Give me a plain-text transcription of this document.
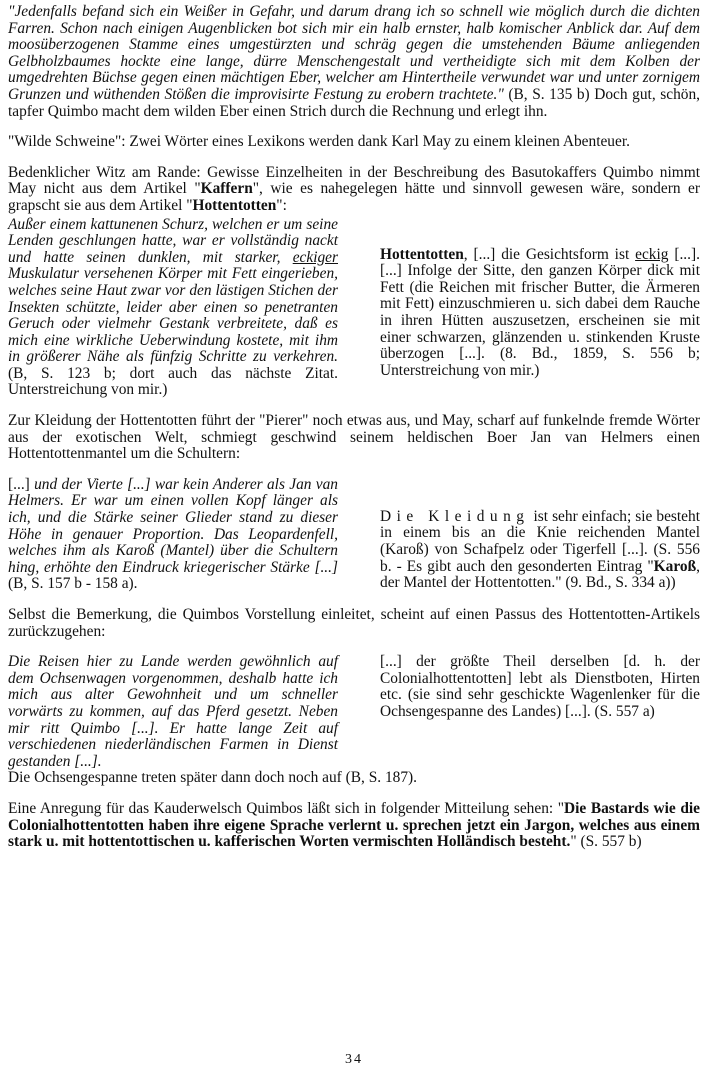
"Jedenfalls befand sich ein Weißer in Gefahr, und darum drang ich so schnell wie möglich durch die dichten Farren. Schon nach einigen Augenblicken bot sich mir ein halb ernster, halb komischer Anblick dar. Auf dem moosüberzogenen Stamme eines umgestürzten und schräg gegen die umstehenden Bäume anliegenden Gelbholzbaumes hockte eine lange, dürre Menschengestalt und vertheidigte sich mit dem Kolben der umgedrehten Büchse gegen einen mächtigen Eber, welcher am Hintertheile verwundet war und unter zornigem Grunzen und wüthenden Stößen die improvisirte Festung zu erobern trachtete." (B, S. 135 b) Doch gut, schön, tapfer Quimbo macht dem wilden Eber einen Strich durch die Rechnung und erlegt ihn.

"Wilde Schweine": Zwei Wörter eines Lexikons werden dank Karl May zu einem kleinen Abenteuer.

Bedenklicher Witz am Rande: Gewisse Einzelheiten in der Beschreibung des Basutokaffers Quimbo nimmt May nicht aus dem Artikel "Kaffern", wie es nahegelegen hätte und sinnvoll gewesen wäre, sondern er grapscht sie aus dem Artikel "Hottentotten":

Außer einem kattunenen Schurz, welchen er um seine Lenden geschlungen hatte, war er vollständig nackt und hatte seinen dunklen, mit starker, eckiger Muskulatur versehenen Körper mit Fett eingerieben, welches seine Haut zwar vor den lästigen Stichen der Insekten schützte, leider aber einen so penetranten Geruch oder vielmehr Gestank verbreitete, daß es mich eine wirkliche Ueberwindung kostete, mit ihm in größerer Nähe als fünfzig Schritte zu verkehren. (B, S. 123 b; dort auch das nächste Zitat. Unterstreichung von mir.)

Hottentotten, [...] die Gesichtsform ist eckig [...]. [...] Infolge der Sitte, den ganzen Körper dick mit Fett (die Reichen mit frischer Butter, die Ärmeren mit Fett) einzuschmieren u. sich dabei dem Rauche in ihren Hütten auszusetzen, erscheinen sie mit einer schwarzen, glänzenden u. stinkenden Kruste überzogen [...]. (8. Bd., 1859, S. 556 b; Unterstreichung von mir.)

Zur Kleidung der Hottentotten führt der "Pierer" noch etwas aus, und May, scharf auf funkelnde fremde Wörter aus der exotischen Welt, schmiegt geschwind seinem heldischen Boer Jan van Helmers einen Hottentottenmantel um die Schultern:

[...] und der Vierte [...] war kein Anderer als Jan van Helmers. Er war um einen vollen Kopf länger als ich, und die Stärke seiner Glieder stand zu dieser Höhe in genauer Proportion. Das Leopardenfell, welches ihm als Karoß (Mantel) über die Schultern hing, erhöhte den Eindruck kriegerischer Stärke [...] (B, S. 157 b - 158 a).

Die Kleidung ist sehr einfach; sie besteht in einem bis an die Knie reichenden Mantel (Karoß) von Schafpelz oder Tigerfell [...]. (S. 556 b. - Es gibt auch den gesonderten Eintrag "Karoß, der Mantel der Hottentotten." (9. Bd., S. 334 a))

Selbst die Bemerkung, die Quimbos Vorstellung einleitet, scheint auf einen Passus des Hottentotten-Artikels zurückzugehen:

Die Reisen hier zu Lande werden gewöhnlich auf dem Ochsenwagen vorgenommen, deshalb hatte ich mich aus alter Gewohnheit und um schneller vorwärts zu kommen, auf das Pferd gesetzt. Neben mir ritt Quimbo [...]. Er hatte lange Zeit auf verschiedenen niederländischen Farmen in Dienst gestanden [...].

[...] der größte Theil derselben [d. h. der Colonialhottentotten] lebt als Dienstboten, Hirten etc. (sie sind sehr geschickte Wagenlenker für die Ochsengespanne des Landes) [...]. (S. 557 a)

Die Ochsengespanne treten später dann doch noch auf (B, S. 187).

Eine Anregung für das Kauderwelsch Quimbos läßt sich in folgender Mitteilung sehen: "Die Bastards wie die Colonialhottentotten haben ihre eigene Sprache verlernt u. sprechen jetzt ein Jargon, welches aus einem stark u. mit hottentottischen u. kafferischen Worten vermischten Holländisch besteht." (S. 557 b)

34
